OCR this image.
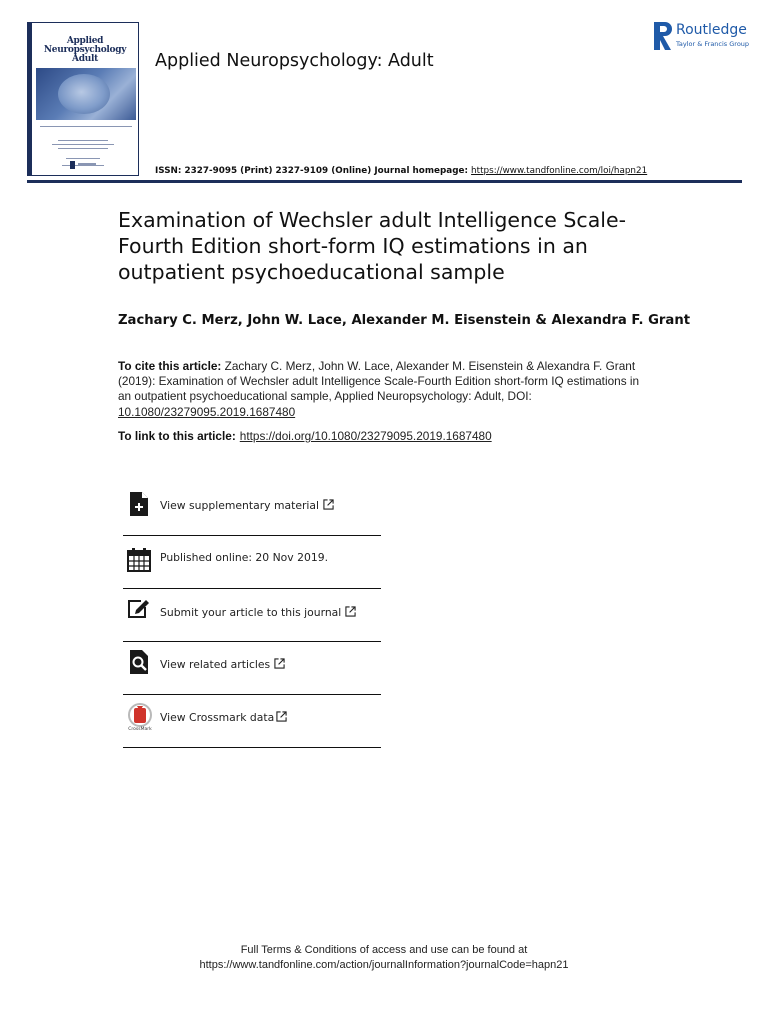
Applied
Neuropsychology
Adult	Applied Neuropsychology: Adult
Routledge
Taylor & Francis Group
ISSN: 2327-9095 (Print) 2327-9109 (Online) Journal homepage: https://www.tandfonline.com/loi/hapn21
Examination of Wechsler adult Intelligence Scale-Fourth Edition short-form IQ estimations in an outpatient psychoeducational sample
Zachary C. Merz, John W. Lace, Alexander M. Eisenstein & Alexandra F. Grant
To cite this article: Zachary C. Merz, John W. Lace, Alexander M. Eisenstein & Alexandra F. Grant (2019): Examination of Wechsler adult Intelligence Scale-Fourth Edition short-form IQ estimations in an outpatient psychoeducational sample, Applied Neuropsychology: Adult, DOI: 10.1080/23279095.2019.1687480
To link to this article: https://doi.org/10.1080/23279095.2019.1687480
View supplementary material
Published online: 20 Nov 2019.
Submit your article to this journal
View related articles
CrossMark
View Crossmark data
Full Terms & Conditions of access and use can be found at
https://www.tandfonline.com/action/journalInformation?journalCode=hapn21
